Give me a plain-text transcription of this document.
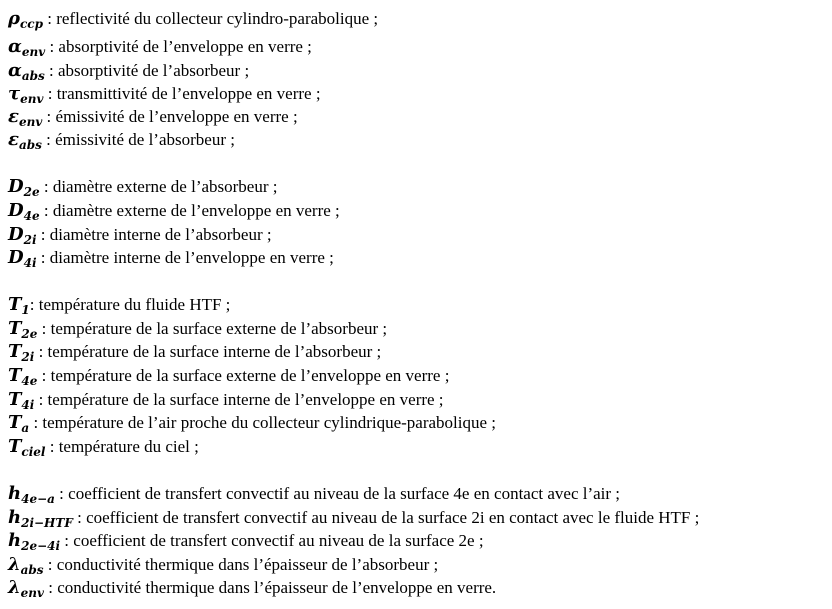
$\rho_{ccp}$ : reflectivité du collecteur cylindro-parabolique ;
$\alpha_{env}$ : absorptivité de l’enveloppe en verre ;
$\alpha_{abs}$ : absorptivité de l’absorbeur ;
$\tau_{env}$ : transmittivité de l’enveloppe en verre ;
$\varepsilon_{env}$ : émissivité de l’enveloppe en verre ;
$\varepsilon_{abs}$ : émissivité de l’absorbeur ;
$D_{2e}$ : diamètre externe de l’absorbeur ;
$D_{4e}$ : diamètre externe de l’enveloppe en verre ;
$D_{2i}$ : diamètre interne de l’absorbeur ;
$D_{4i}$ : diamètre interne de l’enveloppe en verre ;
$T_1$: température du fluide HTF ;
$T_{2e}$ : température de la surface externe de l’absorbeur ;
$T_{2i}$ : température de la surface interne de l’absorbeur ;
$T_{4e}$ : température de la surface externe de l’enveloppe en verre ;
$T_{4i}$ : température de la surface interne de l’enveloppe en verre ;
$T_a$ : température de l’air proche du collecteur cylindrique-parabolique ;
$T_{ciel}$ : température du ciel ;
$h_{4e-a}$ : coefficient de transfert convectif au niveau de la surface 4e en contact avec l’air ;
$h_{2i-HTF}$ : coefficient de transfert convectif au niveau de la surface 2i en contact avec le fluide HTF ;
$h_{2e-4i}$ : coefficient de transfert convectif au niveau de la surface 2e ;
$\lambda_{abs}$ : conductivité thermique dans l’épaisseur de l’absorbeur ;
$\lambda_{env}$ : conductivité thermique dans l’épaisseur de l’enveloppe en verre.
